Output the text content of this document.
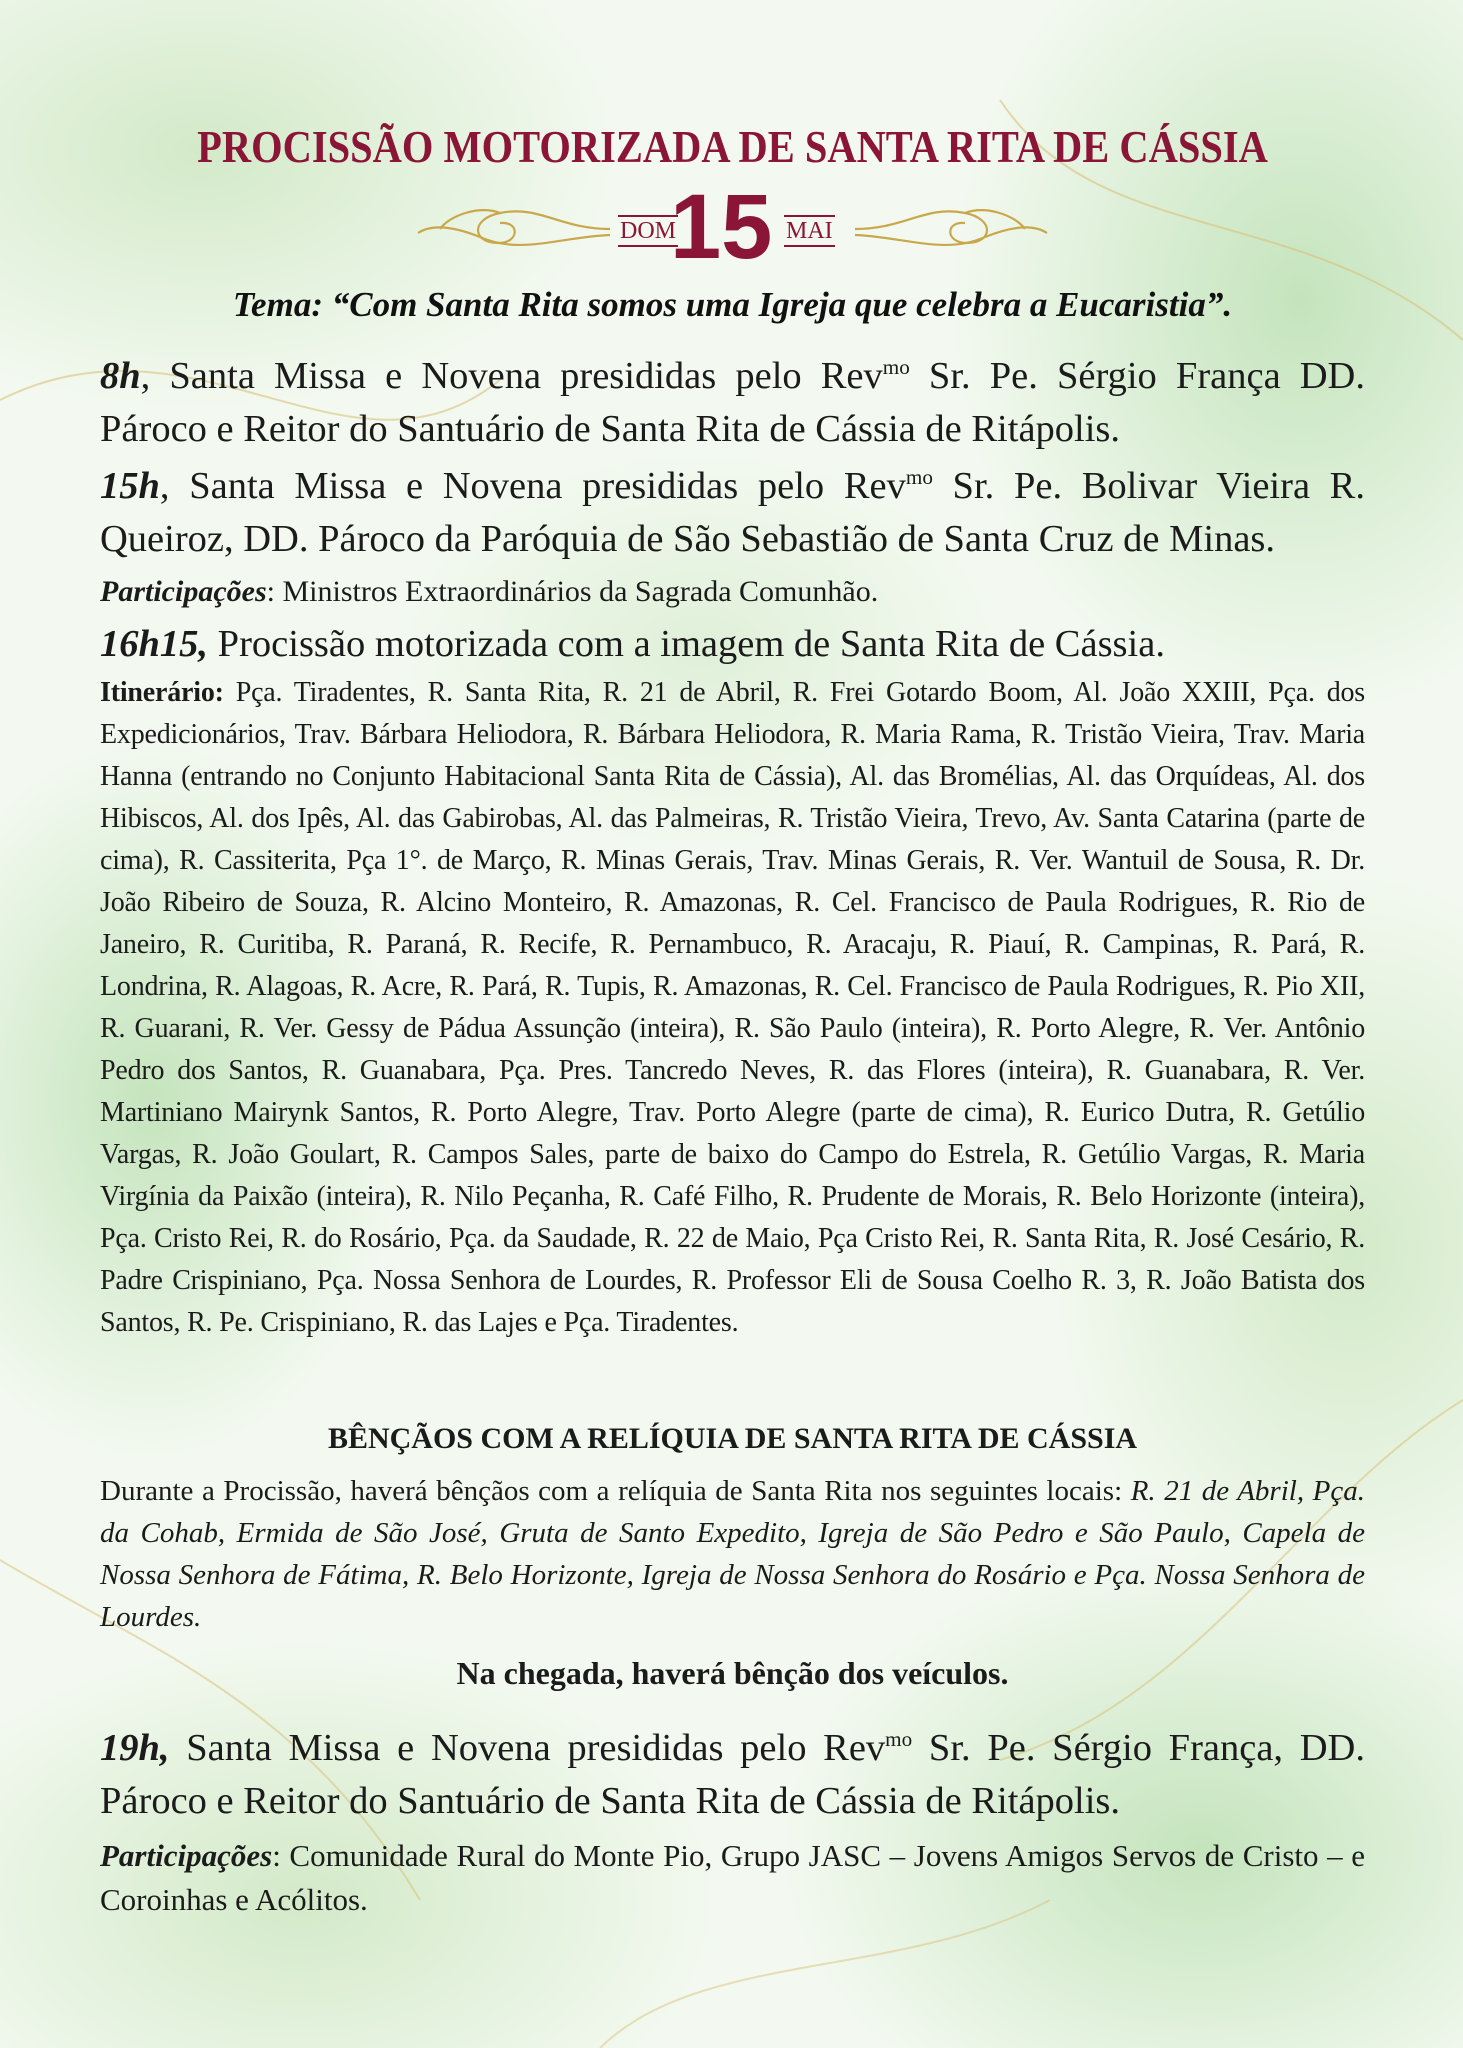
PROCISSÃO MOTORIZADA DE SANTA RITA DE CÁSSIA
DOM
15 MAI
Tema: “Com Santa Rita somos uma Igreja que celebra a Eucaristia”.
8h, Santa Missa e Novena presididas pelo Rev$^{mo}$ Sr. Pe. Sérgio França DD. Pároco e Reitor do Santuário de Santa Rita de Cássia de Ritápolis.
15h, Santa Missa e Novena presididas pelo Rev$^{mo}$ Sr. Pe. Bolivar Vieira R. Queiroz, DD. Pároco da Paróquia de São Sebastião de Santa Cruz de Minas.
Participações: Ministros Extraordinários da Sagrada Comunhão.
16h15, Procissão motorizada com a imagem de Santa Rita de Cássia.
Itinerário: Pça. Tiradentes, R. Santa Rita, R. 21 de Abril, R. Frei Gotardo Boom, Al. João XXIII, Pça. dos Expedicionários, Trav. Bárbara Heliodora, R. Bárbara Heliodora, R. Maria Rama, R. Tristão Vieira, Trav. Maria Hanna (entrando no Conjunto Habitacional Santa Rita de Cássia), Al. das Bromélias, Al. das Orquídeas, Al. dos Hibiscos, Al. dos Ipês, Al. das Gabirobas, Al. das Palmeiras, R. Tristão Vieira, Trevo, Av. Santa Catarina (parte de cima), R. Cassiterita, Pça 1°. de Março, R. Minas Gerais, Trav. Minas Gerais, R. Ver. Wantuil de Sousa, R. Dr. João Ribeiro de Souza, R. Alcino Monteiro, R. Amazonas, R. Cel. Francisco de Paula Rodrigues, R. Rio de Janeiro, R. Curitiba, R. Paraná, R. Recife, R. Pernambuco, R. Aracaju, R. Piauí, R. Campinas, R. Pará, R. Londrina, R. Alagoas, R. Acre, R. Pará, R. Tupis, R. Amazonas, R. Cel. Francisco de Paula Rodrigues, R. Pio XII, R. Guarani, R. Ver. Gessy de Pádua Assunção (inteira), R. São Paulo (inteira), R. Porto Alegre, R. Ver. Antônio Pedro dos Santos, R. Guanabara, Pça. Pres. Tancredo Neves, R. das Flores (inteira), R. Guanabara, R. Ver. Martiniano Mairynk Santos, R. Porto Alegre, Trav. Porto Alegre (parte de cima), R. Eurico Dutra, R. Getúlio Vargas, R. João Goulart, R. Campos Sales, parte de baixo do Campo do Estrela, R. Getúlio Vargas, R. Maria Virgínia da Paixão (inteira), R. Nilo Peçanha, R. Café Filho, R. Prudente de Morais, R. Belo Horizonte (inteira), Pça. Cristo Rei, R. do Rosário, Pça. da Saudade, R. 22 de Maio, Pça Cristo Rei, R. Santa Rita, R. José Cesário, R. Padre Crispiniano, Pça. Nossa Senhora de Lourdes, R. Professor Eli de Sousa Coelho R. 3, R. João Batista dos Santos, R. Pe. Crispiniano, R. das Lajes e Pça. Tiradentes.
BÊNÇÃOS COM A RELÍQUIA DE SANTA RITA DE CÁSSIA
Durante a Procissão, haverá bênçãos com a relíquia de Santa Rita nos seguintes locais: R. 21 de Abril, Pça. da Cohab, Ermida de São José, Gruta de Santo Expedito, Igreja de São Pedro e São Paulo, Capela de Nossa Senhora de Fátima, R. Belo Horizonte, Igreja de Nossa Senhora do Rosário e Pça. Nossa Senhora de Lourdes.
Na chegada, haverá bênção dos veículos.
19h, Santa Missa e Novena presididas pelo Rev$^{mo}$ Sr. Pe. Sérgio França, DD. Pároco e Reitor do Santuário de Santa Rita de Cássia de Ritápolis.
Participações: Comunidade Rural do Monte Pio, Grupo JASC – Jovens Amigos Servos de Cristo – e Coroinhas e Acólitos.
